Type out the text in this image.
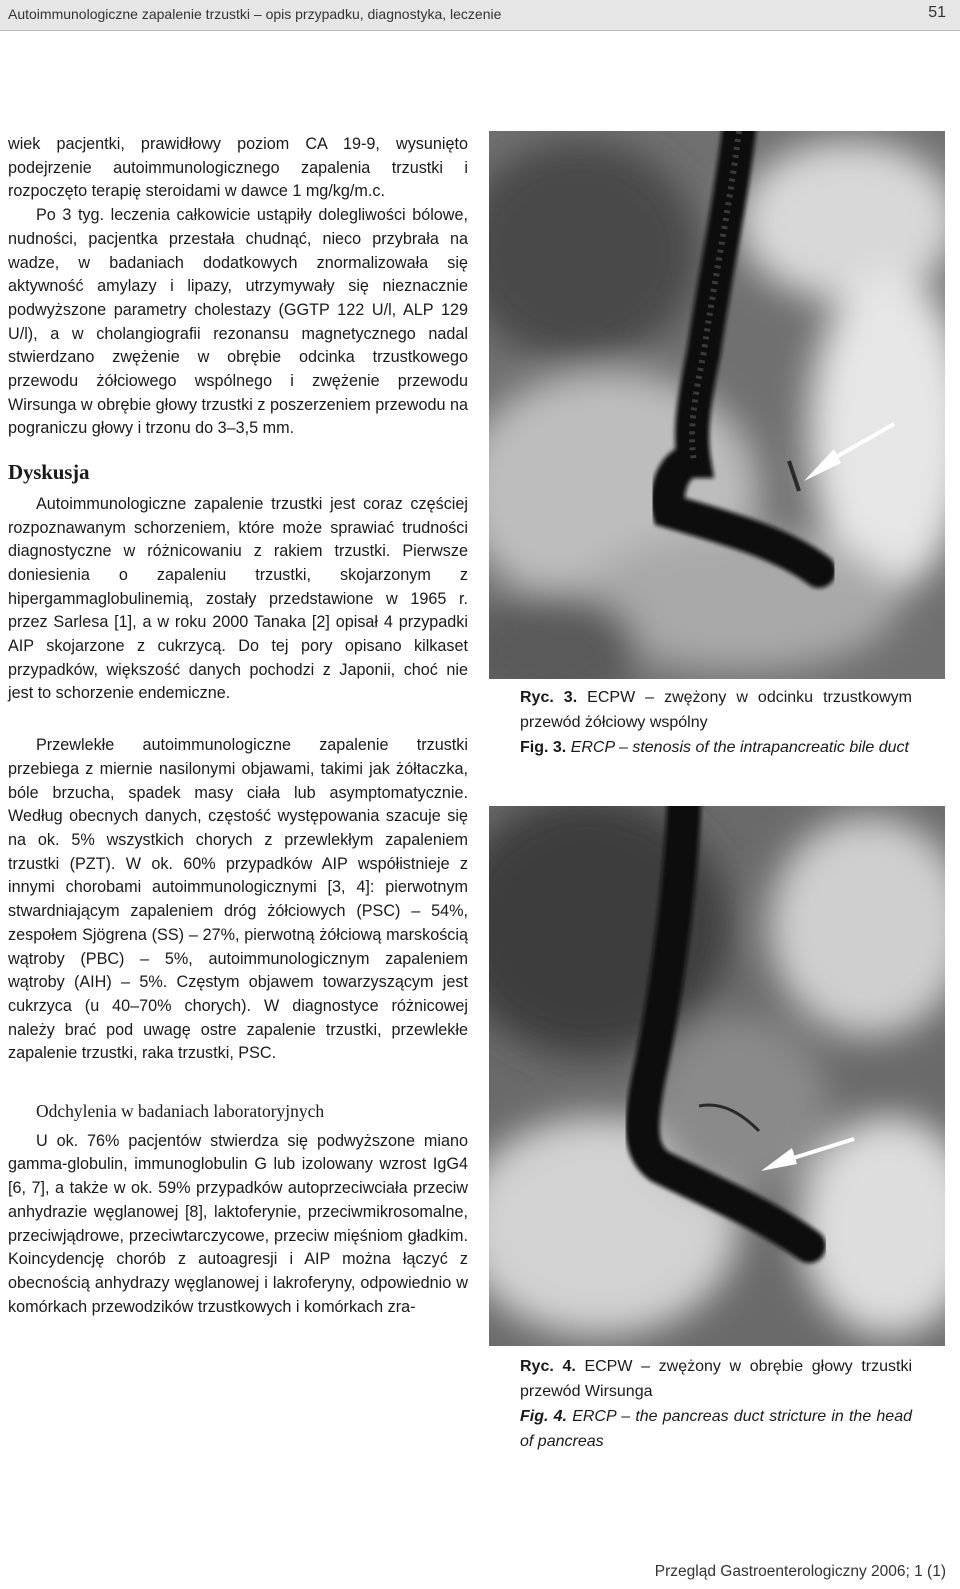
Autoimmunologiczne zapalenie trzustki – opis przypadku, diagnostyka, leczenie	51

wiek pacjentki, prawidłowy poziom CA 19-9, wysunięto podejrzenie autoimmunologicznego zapalenia trzustki i rozpoczęto terapię steroidami w dawce 1 mg/kg/m.c.

Po 3 tyg. leczenia całkowicie ustąpiły dolegliwości bólowe, nudności, pacjentka przestała chudnąć, nieco przybrała na wadze, w badaniach dodatkowych znormalizowała się aktywność amylazy i lipazy, utrzymywały się nieznacznie podwyższone parametry cholestazy (GGTP 122 U/l, ALP 129 U/l), a w cholangiografii rezonansu magnetycznego nadal stwierdzano zwężenie w obrębie odcinka trzustkowego przewodu żółciowego wspólnego i zwężenie przewodu Wirsunga w obrębie głowy trzustki z poszerzeniem przewodu na pograniczu głowy i trzonu do 3–3,5 mm.

Dyskusja

Autoimmunologiczne zapalenie trzustki jest coraz częściej rozpoznawanym schorzeniem, które może sprawiać trudności diagnostyczne w różnicowaniu z rakiem trzustki. Pierwsze doniesienia o zapaleniu trzustki, skojarzonym z hipergammaglobulinemią, zostały przedstawione w 1965 r. przez Sarlesa [1], a w roku 2000 Tanaka [2] opisał 4 przypadki AIP skojarzone z cukrzycą. Do tej pory opisano kilkaset przypadków, większość danych pochodzi z Japonii, choć nie jest to schorzenie endemiczne.

Przewlekłe autoimmunologiczne zapalenie trzustki przebiega z miernie nasilonymi objawami, takimi jak żółtaczka, bóle brzucha, spadek masy ciała lub asymptomatycznie. Według obecnych danych, częstość występowania szacuje się na ok. 5% wszystkich chorych z przewlekłym zapaleniem trzustki (PZT). W ok. 60% przypadków AIP współistnieje z innymi chorobami autoimmunologicznymi [3, 4]: pierwotnym stwardniającym zapaleniem dróg żółciowych (PSC) – 54%, zespołem Sjögrena (SS) – 27%, pierwotną żółciową marskością wątroby (PBC) – 5%, autoimmunologicznym zapaleniem wątroby (AIH) – 5%. Częstym objawem towarzyszącym jest cukrzyca (u 40–70% chorych). W diagnostyce różnicowej należy brać pod uwagę ostre zapalenie trzustki, przewlekłe zapalenie trzustki, raka trzustki, PSC.

Odchylenia w badaniach laboratoryjnych

U ok. 76% pacjentów stwierdza się podwyższone miano gamma-globulin, immunoglobulin G lub izolowany wzrost IgG4 [6, 7], a także w ok. 59% przypadków autoprzeciwciała przeciw anhydrazie węglanowej [8], laktoferynie, przeciwmikrosomalne, przeciwjądrowe, przeciwtarczycowe, przeciw mięśniom gładkim. Koincydencję chorób z autoagresji i AIP można łączyć z obecnością anhydrazy węglanowej i lakroferyny, odpowiednio w komórkach przewodzików trzustkowych i komórkach zra-

Ryc. 3. ECPW – zwężony w odcinku trzustkowym przewód żółciowy wspólny
Fig. 3. ERCP – stenosis of the intrapancreatic bile duct
Ryc. 4. ECPW – zwężony w obrębie głowy trzustki przewód Wirsunga
Fig. 4. ERCP – the pancreas duct stricture in the head of pancreas
Przegląd Gastroenterologiczny 2006; 1 (1)
